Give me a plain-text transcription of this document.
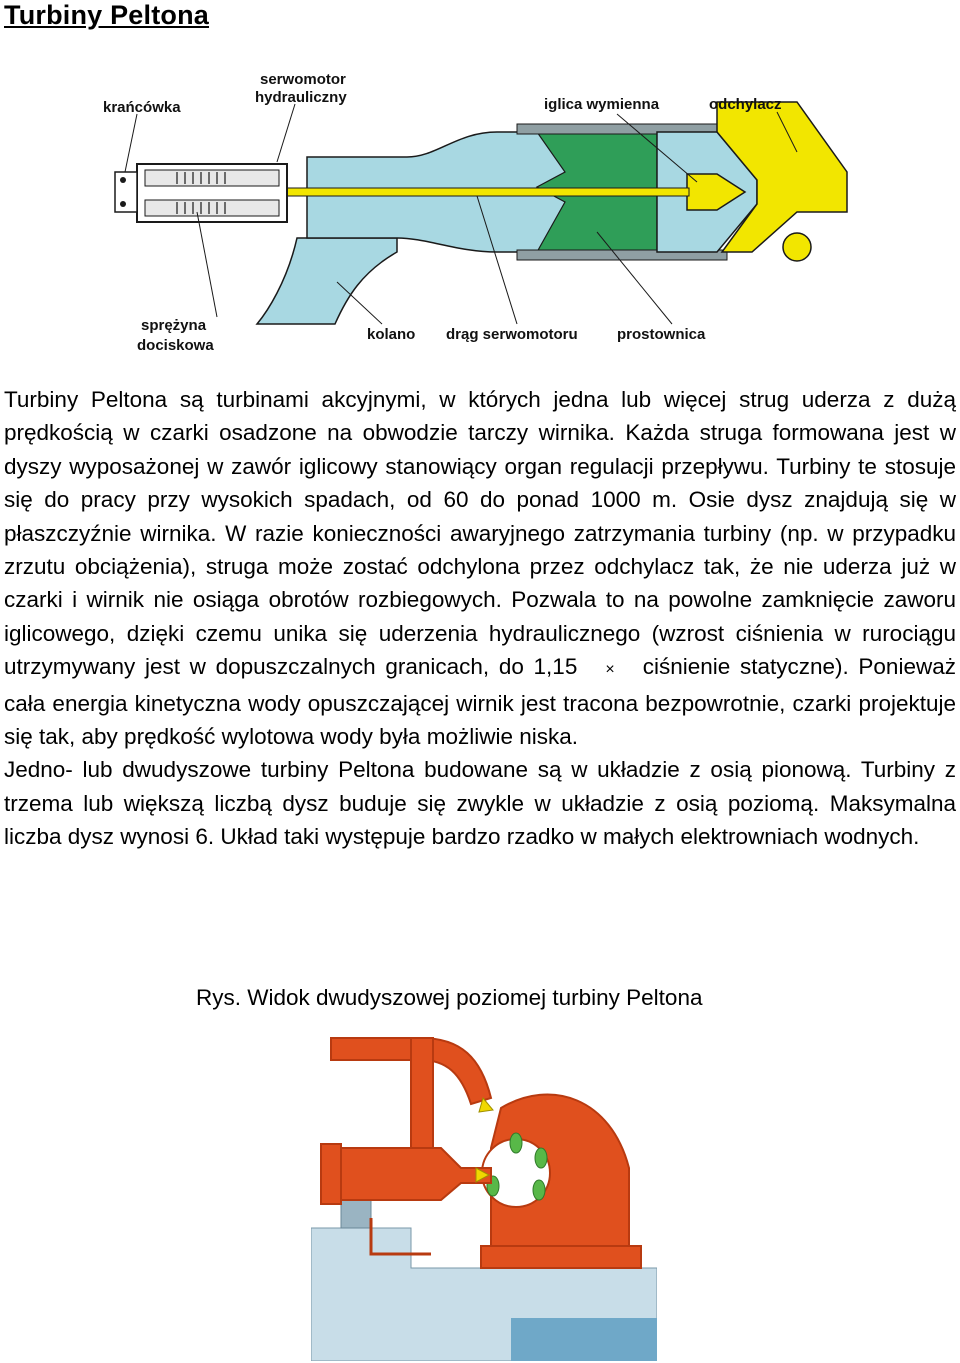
Turbiny Peltona
krańcówka
serwomotor
hydrauliczny	iglica wymienna	odchylacz
sprężyna
dociskowa
kolano drąg serwomotoru	prostownica

Turbiny Peltona są turbinami akcyjnymi, w których jedna lub więcej strug uderza z dużą prędkością w czarki osadzone na obwodzie tarczy wirnika. Każda struga formowana jest w dyszy wyposażonej w zawór iglicowy stanowiący organ regulacji przepływu. Turbiny te stosuje się do pracy przy wysokich spadach, od 60 do ponad 1000 m. Osie dysz znajdują się w płaszczyźnie wirnika. W razie konieczności awaryjnego zatrzymania turbiny (np. w przypadku zrzutu obciążenia), struga może zostać odchylona przez odchylacz tak, że nie uderza już w czarki i wirnik nie osiąga obrotów rozbiegowych. Pozwala to na powolne zamknięcie zaworu iglicowego, dzięki czemu unika się uderzenia hydraulicznego (wzrost ciśnienia w rurociągu utrzymywany jest w dopuszczalnych granicach, do 1,15 × ciśnienie statyczne). Ponieważ cała energia kinetyczna wody opuszczającej wirnik jest tracona bezpowrotnie, czarki projektuje się tak, aby prędkość wylotowa wody była możliwie niska.

Jedno- lub dwudyszowe turbiny Peltona budowane są w układzie z osią pionową. Turbiny z trzema lub większą liczbą dysz buduje się zwykle w układzie z osią poziomą. Maksymalna liczba dysz wynosi 6. Układ taki występuje bardzo rzadko w małych elektrowniach wodnych.

Rys. Widok dwudyszowej poziomej turbiny Peltona
